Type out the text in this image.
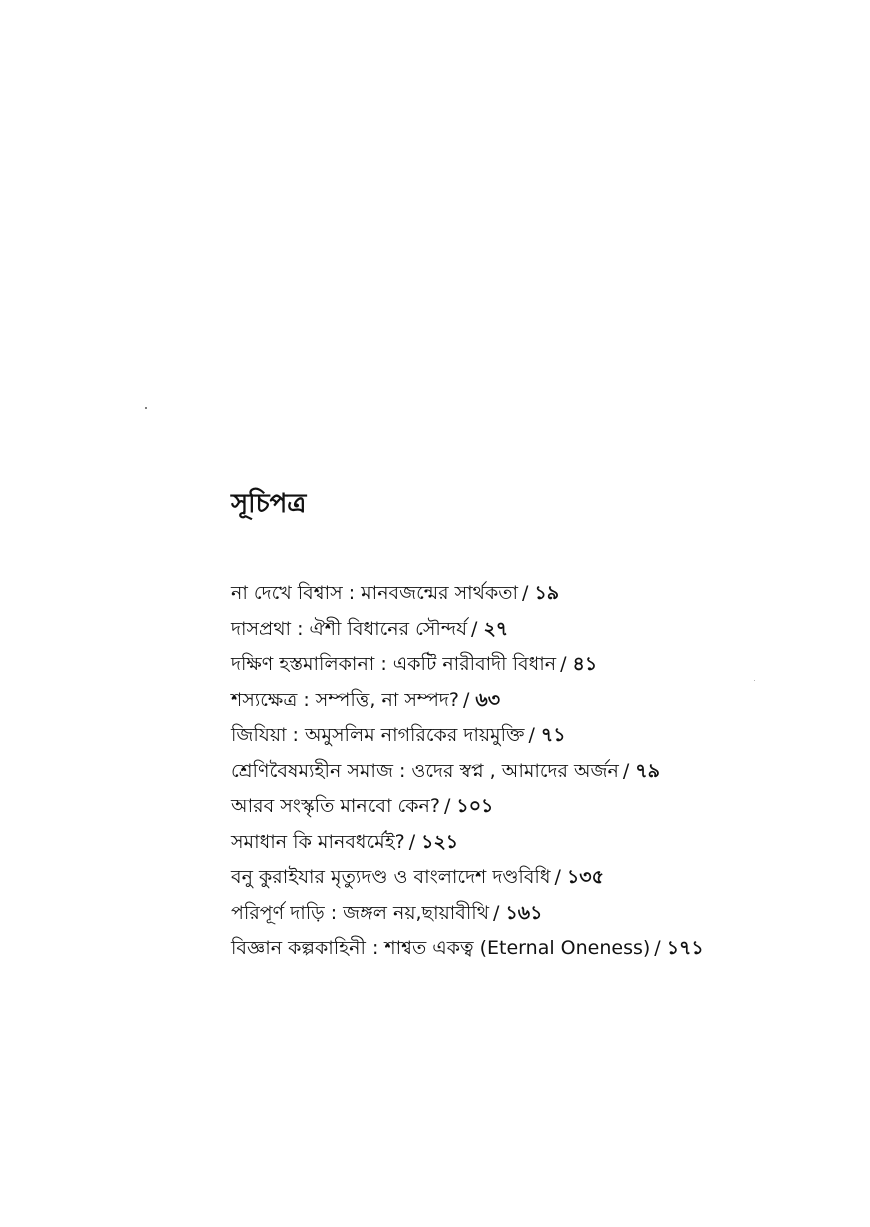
সূচিপত্র
না দেখে বিশ্বাস : মানবজন্মের সার্থকতা / ১৯
দাসপ্রথা : ঐশী বিধানের সৌন্দর্য / ২৭
দক্ষিণ হস্তমালিকানা : একটি নারীবাদী বিধান / ৪১
শস্যক্ষেত্র : সম্পত্তি, না সম্পদ? / ৬৩
জিযিয়া : অমুসলিম নাগরিকের দায়মুক্তি / ৭১
শ্রেণিবৈষম্যহীন সমাজ : ওদের স্বপ্ন , আমাদের অর্জন / ৭৯
আরব সংস্কৃতি মানবো কেন? / ১০১
সমাধান কি মানবধর্মেই? / ১২১
বনু কুরাইযার মৃত্যুদণ্ড ও বাংলাদেশ দণ্ডবিধি / ১৩৫
পরিপূর্ণ দাড়ি : জঙ্গল নয়,ছায়াবীথি / ১৬১
বিজ্ঞান কল্পকাহিনী : শাশ্বত একত্ব (Eternal Oneness) / ১৭১
